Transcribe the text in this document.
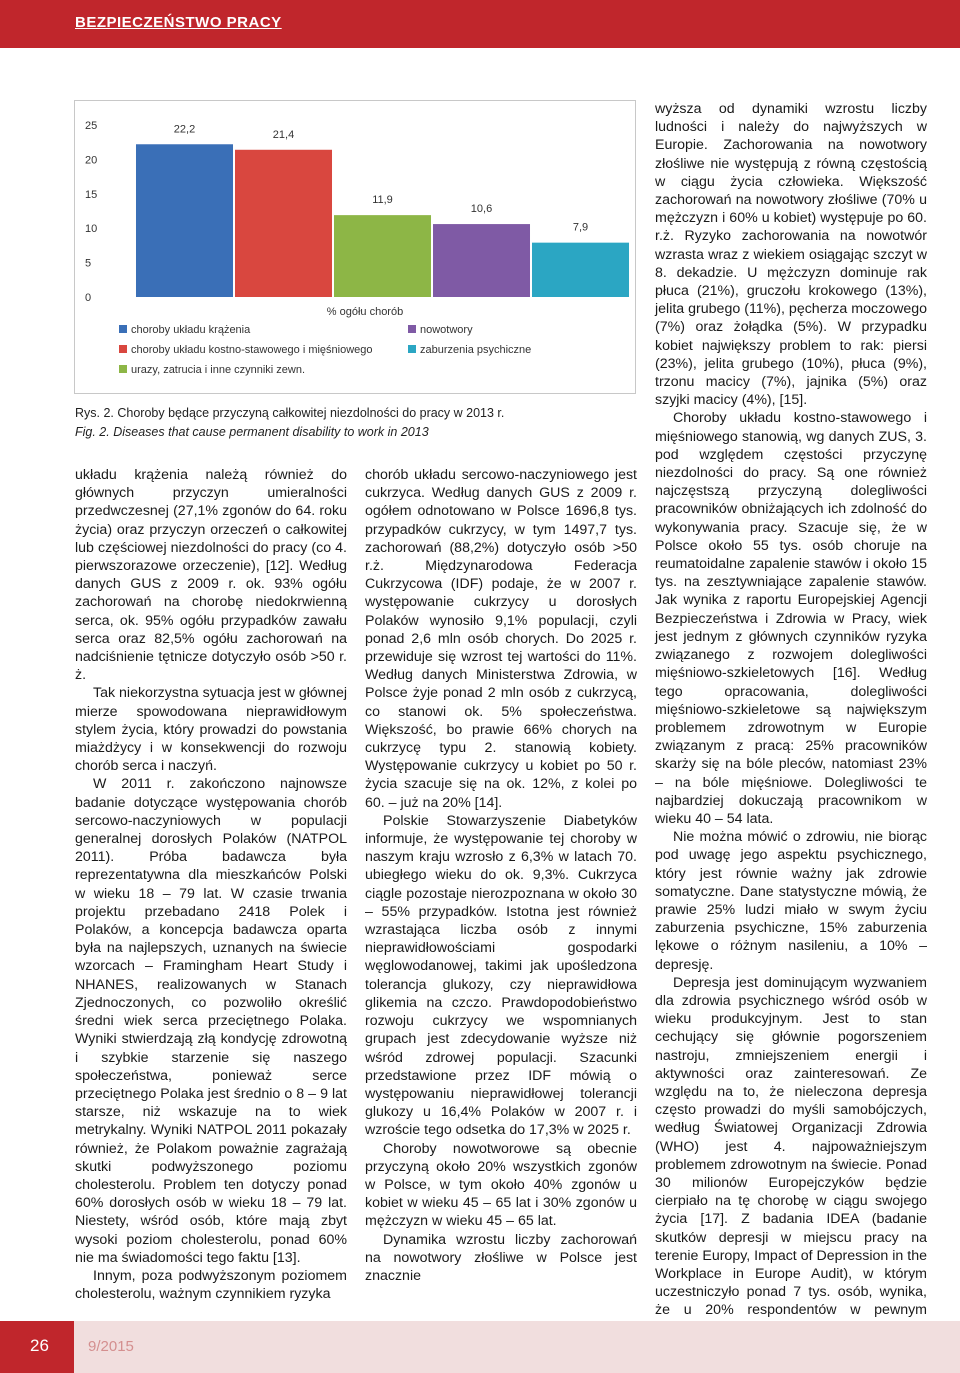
BEZPIECZEŃSTWO PRACY
0
5
10
15
20
25	22,2	21,4
11,9
10,6
7,9
% ogółu chorób
choroby układu krążenia
choroby układu kostno-stawowego i mięśniowego
urazy, zatrucia i inne czynniki zewn.
nowotwory
zaburzenia psychiczne
Rys. 2. Choroby będące przyczyną całkowitej niezdolności do pracy w 2013 r.
Fig. 2. Diseases that cause permanent disability to work in 2013

układu krążenia należą również do głównych przyczyn umieralności przedwczesnej (27,1% zgonów do 64. roku życia) oraz przyczyn orzeczeń o całkowitej lub częściowej niezdolności do pracy (co 4. pierwszorazowe orzeczenie), [12]. Według danych GUS z 2009 r. ok. 93% ogółu zachorowań na chorobę niedokrwienną serca, ok. 95% ogółu przypadków zawału serca oraz 82,5% ogółu zachorowań na nadciśnienie tętnicze dotyczyło osób >50 r. ż.

Tak niekorzystna sytuacja jest w głównej mierze spowodowana nieprawidłowym stylem życia, który prowadzi do powstania miażdżycy i w konsekwencji do rozwoju chorób serca i naczyń.

W 2011 r. zakończono najnowsze badanie dotyczące występowania chorób sercowo-naczyniowych w populacji generalnej dorosłych Polaków (NATPOL 2011). Próba badawcza była reprezentatywna dla mieszkańców Polski w wieku 18 – 79 lat. W czasie trwania projektu przebadano 2418 Polek i Polaków, a koncepcja badawcza oparta była na najlepszych, uznanych na świecie wzorcach – Framingham Heart Study i NHANES, realizowanych w Stanach Zjednoczonych, co pozwoliło określić średni wiek serca przeciętnego Polaka. Wyniki stwierdzają złą kondycję zdrowotną i szybkie starzenie się naszego społeczeństwa, ponieważ serce przeciętnego Polaka jest średnio o 8 – 9 lat starsze, niż wskazuje na to wiek metrykalny. Wyniki NATPOL 2011 pokazały również, że Polakom poważnie zagrażają skutki podwyższonego poziomu cholesterolu. Problem ten dotyczy ponad 60% dorosłych osób w wieku 18 – 79 lat. Niestety, wśród osób, które mają zbyt wysoki poziom cholesterolu, ponad 60% nie ma świadomości tego faktu [13].

Innym, poza podwyższonym poziomem cholesterolu, ważnym czynnikiem ryzyka

chorób układu sercowo-naczyniowego jest cukrzyca. Według danych GUS z 2009 r. ogółem odnotowano w Polsce 1696,8 tys. przypadków cukrzycy, w tym 1497,7 tys. zachorowań (88,2%) dotyczyło osób >50 r.ż. Międzynarodowa Federacja Cukrzycowa (IDF) podaje, że w 2007 r. występowanie cukrzycy u dorosłych Polaków wynosiło 9,1% populacji, czyli ponad 2,6 mln osób chorych. Do 2025 r. przewiduje się wzrost tej wartości do 11%. Według danych Ministerstwa Zdrowia, w Polsce żyje ponad 2 mln osób z cukrzycą, co stanowi ok. 5% społeczeństwa. Większość, bo prawie 66% chorych na cukrzycę typu 2. stanowią kobiety. Występowanie cukrzycy u kobiet po 50 r. życia szacuje się na ok. 12%, z kolei po 60. – już na 20% [14].

Polskie Stowarzyszenie Diabetyków informuje, że występowanie tej choroby w naszym kraju wzrosło z 6,3% w latach 70. ubiegłego wieku do ok. 9,3%. Cukrzyca ciągle pozostaje nierozpoznana w około 30 – 55% przypadków. Istotna jest również wzrastająca liczba osób z innymi nieprawidłowościami gospodarki węglowodanowej, takimi jak upośledzona tolerancja glukozy, czy nieprawidłowa glikemia na czczo. Prawdopodobieństwo rozwoju cukrzycy we wspomnianych grupach jest zdecydowanie wyższe niż wśród zdrowej populacji. Szacunki przedstawione przez IDF mówią o występowaniu nieprawidłowej tolerancji glukozy u 16,4% Polaków w 2007 r. i wzroście tego odsetka do 17,3% w 2025 r.

Choroby nowotworowe są obecnie przyczyną około 20% wszystkich zgonów w Polsce, w tym około 40% zgonów u kobiet w wieku 45 – 65 lat i 30% zgonów u mężczyzn w wieku 45 – 65 lat.

Dynamika wzrostu liczby zachorowań na nowotwory złośliwe w Polsce jest znacznie

wyższa od dynamiki wzrostu liczby ludności i należy do najwyższych w Europie. Zachorowania na nowotwory złośliwe nie występują z równą częstością w ciągu życia człowieka. Większość zachorowań na nowotwory złośliwe (70% u mężczyzn i 60% u kobiet) występuje po 60. r.ż. Ryzyko zachorowania na nowotwór wzrasta wraz z wiekiem osiągając szczyt w 8. dekadzie. U mężczyzn dominuje rak płuca (21%), gruczołu krokowego (13%), jelita grubego (11%), pęcherza moczowego (7%) oraz żołądka (5%). W przypadku kobiet największy problem to rak: piersi (23%), jelita grubego (10%), płuca (9%), trzonu macicy (7%), jajnika (5%) oraz szyjki macicy (4%), [15].

Choroby układu kostno-stawowego i mięśniowego stanowią, wg danych ZUS, 3. pod względem częstości przyczynę niezdolności do pracy. Są one również najczęstszą przyczyną dolegliwości pracowników obniżających ich zdolność do wykonywania pracy. Szacuje się, że w Polsce około 55 tys. osób choruje na reumatoidalne zapalenie stawów i około 15 tys. na zesztywniające zapalenie stawów. Jak wynika z raportu Europejskiej Agencji Bezpieczeństwa i Zdrowia w Pracy, wiek jest jednym z głównych czynników ryzyka związanego z rozwojem dolegliwości mięśniowo-szkieletowych [16]. Według tego opracowania, dolegliwości mięśniowo-szkieletowe są największym problemem zdrowotnym w Europie związanym z pracą: 25% pracowników skarży się na bóle pleców, natomiast 23% – na bóle mięśniowe. Dolegliwości te najbardziej dokuczają pracownikom w wieku 40 – 54 lata.

Nie można mówić o zdrowiu, nie biorąc pod uwagę jego aspektu psychicznego, który jest równie ważny jak zdrowie somatyczne. Dane statystyczne mówią, że prawie 25% ludzi miało w swym życiu zaburzenia psychiczne, 15% zaburzenia lękowe o różnym nasileniu, a 10% – depresję.

Depresja jest dominującym wyzwaniem dla zdrowia psychicznego wśród osób w wieku produkcyjnym. Jest to stan cechujący się głównie pogorszeniem nastroju, zmniejszeniem energii i aktywności oraz zainteresowań. Ze względu na to, że nieleczona depresja często prowadzi do myśli samobójczych, według Światowej Organizacji Zdrowia (WHO) jest 4. najpoważniejszym problemem zdrowotnym na świecie. Ponad 30 milionów Europejczyków będzie cierpiało na tę chorobę w ciągu swojego życia [17]. Z badania IDEA (badanie skutków depresji w miejscu pracy na terenie Europy, Impact of Depression in the Workplace in Europe Audit), w którym uczestniczyło ponad 7 tys. osób, wynika, że u 20% respondentów w pewnym

26	9/2015
